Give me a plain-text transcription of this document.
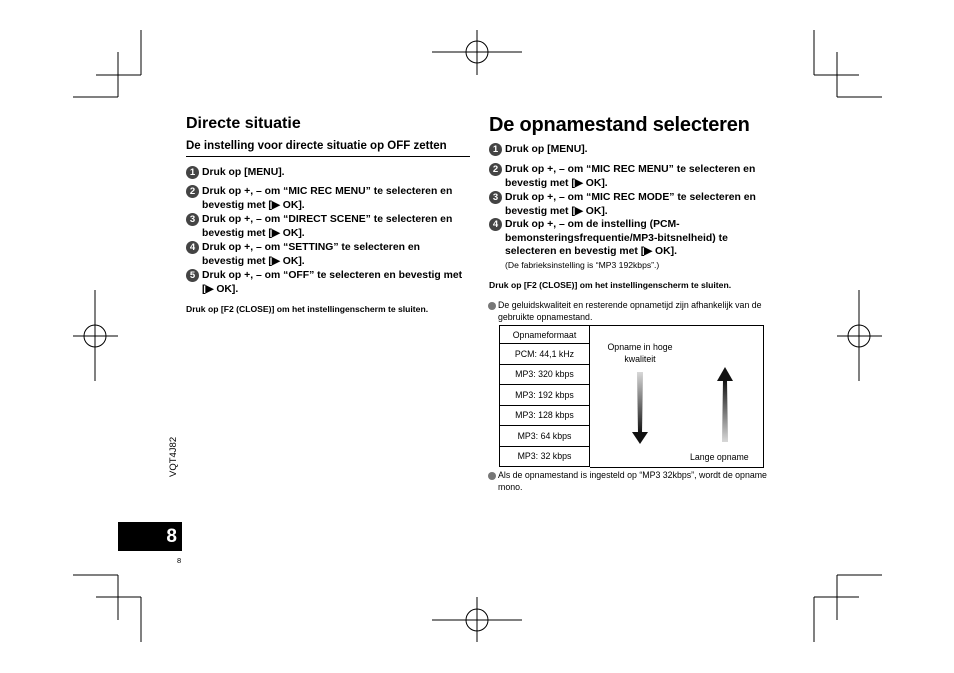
Directe situatie
De instelling voor directe situatie op OFF zetten
1 Druk op [MENU].
2 Druk op +, – om “MIC REC MENU” te selecteren en bevestig met [▶ OK].
3 Druk op +, – om “DIRECT SCENE” te selecteren en bevestig met [▶ OK].
4 Druk op +, – om “SETTING” te selecteren en bevestig met [▶ OK].
5 Druk op +, – om “OFF” te selecteren en bevestig met [▶ OK].
Druk op [F2 (CLOSE)] om het instellingenscherm te sluiten.
De opnamestand selecteren
1 Druk op [MENU].
2 Druk op +, – om “MIC REC MENU” te selecteren en bevestig met [▶ OK].
3 Druk op +, – om “MIC REC MODE” te selecteren en bevestig met [▶ OK].
4 Druk op +, – om de instelling (PCM-bemonsteringsfrequentie/MP3-bitsnelheid) te selecteren en bevestig met [▶ OK].
(De fabrieksinstelling is “MP3 192kbps”.)
Druk op [F2 (CLOSE)] om het instellingenscherm te sluiten.
De geluidskwaliteit en resterende opnametijd zijn afhankelijk van de gebruikte opnamestand.
Opnameformaat
PCM: 44,1 kHz
MP3: 320 kbps
MP3: 192 kbps
MP3: 128 kbps
MP3: 64 kbps
MP3: 32 kbps
Opname in hoge kwaliteit
Lange opname
Als de opnamestand is ingesteld op “MP3 32kbps”, wordt de opname mono.
VQT4J82
8
8
